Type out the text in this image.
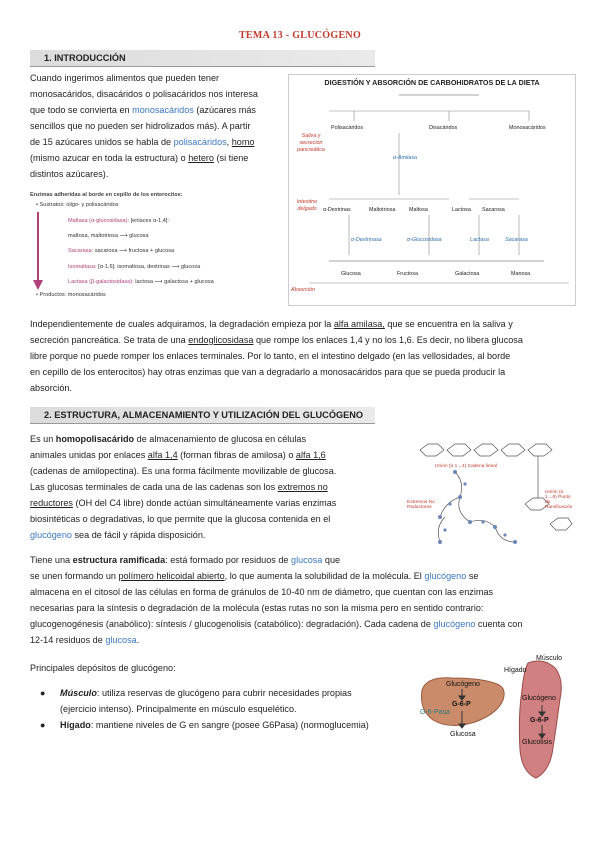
TEMA 13 - GLUCÓGENO
1. INTRODUCCIÓN
Cuando ingerimos alimentos que pueden tener
monosacáridos, disacáridos o polisacáridos nos interesa
que todo se convierta en monosacáridos (azúcares más
sencillos que no pueden ser hidrolizados más). A partir
de 15 azúcares unidos se habla de polisacáridos, homo
(mismo azucar en toda la estructura) o hetero (si tiene
distintos azúcares).
Enzimas adheridas al borde en cepillo de los enterocitos:
• Sustratos: oligo- y polisacáridos
Maltasa (α-glucosidasa): [enlaces α-1,4]:
maltosa, maltotriosa ⟶ glucosa
Sacarasa: sacarosa ⟶ fructosa + glucosa
Isomaltasa: [α-1,6]: isomaltosa, dextrinas ⟶ glucosa
Lactasa (β-galactosidasa): lactosa ⟶ galactosa + glucosa
• Productos: monosacáridos
DIGESTIÓN Y ABSORCIÓN DE CARBOHIDRATOS DE LA DIETA
Polisacáridos	Disacáridos	Monosacáridos
Saliva y secreción pancreática
α-Amilasa
Intestino delgado	α-Dextrinas	Maltotriosa	Maltosa	Lactosa Sacarosa
α-Dextrinasa	α-Glucosidasa	Lactasa	Sacarasa
Glucosa	Fructosa	Galactosa	Manosa
Absorción
Independientemente de cuales adquiramos, la degradación empieza por la alfa amilasa, que se encuentra en la saliva y
secreción pancreática. Se trata de una endoglicosidasa que rompe los enlaces 1,4 y no los 1,6. Es decir, no libera glucosa
libre porque no puede romper los enlaces terminales. Por lo tanto, en el intestino delgado (en las vellosidades, al borde
en cepillo de los enterocitos) hay otras enzimas que van a degradarlo a monosacáridos para que se pueda producir la
absorción.
2. ESTRUCTURA, ALMACENAMIENTO Y UTILIZACIÓN DEL GLUCÓGENO
Es un homopolisacárido de almacenamiento de glucosa en células
animales unidas por enlaces alfa 1,4 (forman fibras de amilosa) o alfa 1,6
(cadenas de amilopectina). Es una forma fácilmente movilizable de glucosa.
Las glucosas terminales de cada una de las cadenas son los extremos no
reductores (OH del C4 libre) donde actúan simultáneamente varias enzimas
biosintéticas o degradativas, lo que permite que la glucosa contenida en el
glucógeno sea de fácil y rápida disposición.
Unión (α 1→4) Cadena lineal
Extremos No Reductores
Unión (α 1→6) Punto de Ramificación
Tiene una estructura ramificada: está formado por residuos de glucosa que
se unen formando un polímero helicoidal abierto, lo que aumenta la solubilidad de la molécula. El glucógeno se
almacena en el citosol de las células en forma de gránulos de 10-40 nm de diámetro, que cuentan con las enzimas
necesarias para la síntesis o degradación de la molécula (estas rutas no son la misma pero en sentido contrario:
glucogenogénesis (anabólico): síntesis / glucogenolisis (catabólico): degradación). Cada cadena de glucógeno cuenta con
12-14 residuos de glucosa.
Principales depósitos de glucógeno:
● Músculo: utiliza reservas de glucógeno para cubrir necesidades propias
(ejercicio intenso). Principalmente en músculo esquelético.
● Hígado: mantiene niveles de G en sangre (posee G6Pasa) (normoglucemia)
Músculo
Hígado
Glucógeno
G-6-P
G-6-Pasa
Glucosa
Glucógeno
G-6-P
Glucolisis
